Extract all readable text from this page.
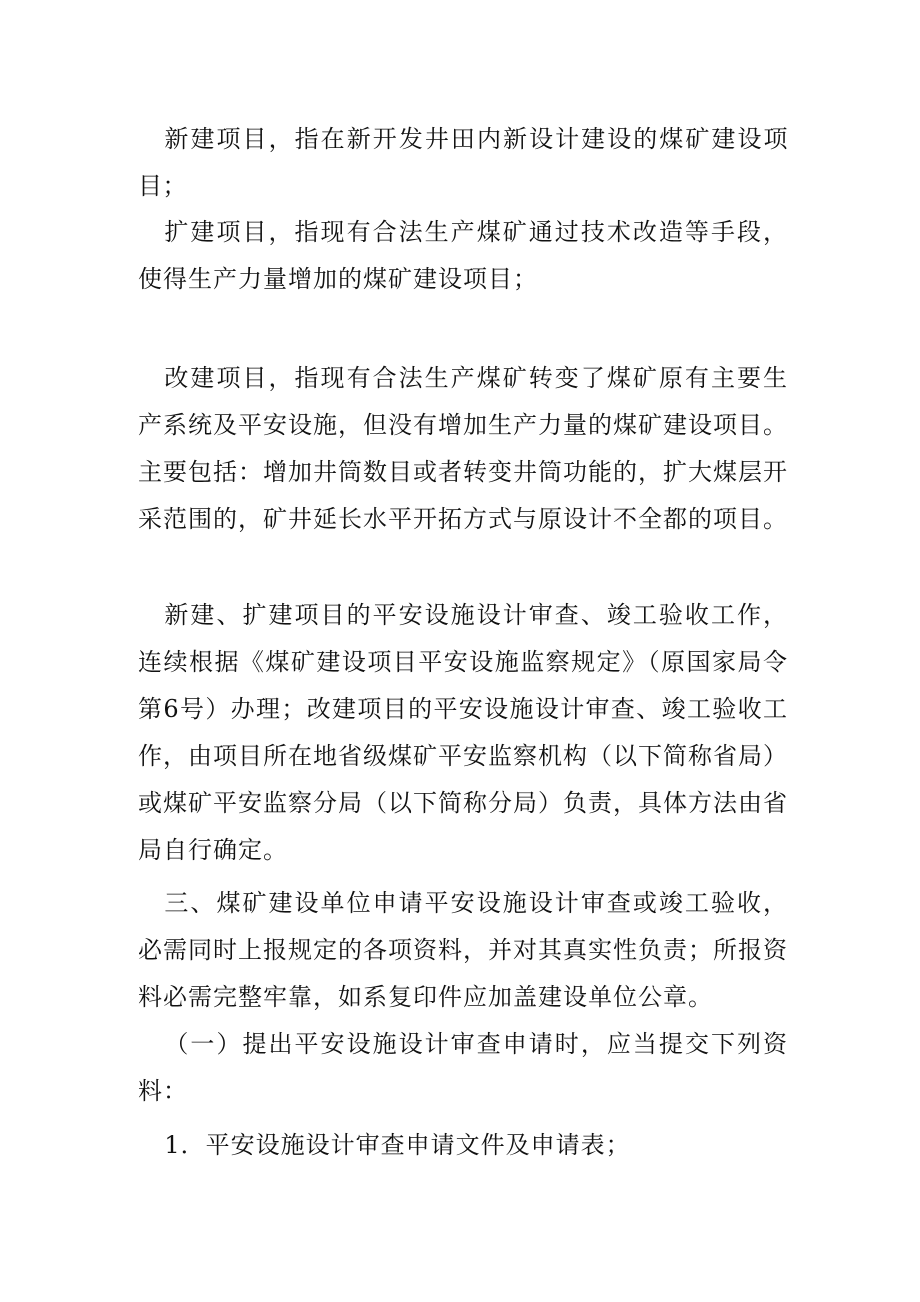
新建项目，指在新开发井田内新设计建设的煤矿建设项目；

扩建项目，指现有合法生产煤矿通过技术改造等手段，使得生产力量增加的煤矿建设项目；

改建项目，指现有合法生产煤矿转变了煤矿原有主要生产系统及平安设施，但没有增加生产力量的煤矿建设项目。主要包括：增加井筒数目或者转变井筒功能的，扩大煤层开采范围的，矿井延长水平开拓方式与原设计不全都的项目。

新建、扩建项目的平安设施设计审查、竣工验收工作，连续根据《煤矿建设项目平安设施监察规定》（原国家局令第6号）办理；改建项目的平安设施设计审查、竣工验收工作，由项目所在地省级煤矿平安监察机构（以下简称省局）或煤矿平安监察分局（以下简称分局）负责，具体方法由省局自行确定。

三、煤矿建设单位申请平安设施设计审查或竣工验收，必需同时上报规定的各项资料，并对其真实性负责；所报资料必需完整牢靠，如系复印件应加盖建设单位公章。

（一）提出平安设施设计审查申请时，应当提交下列资料：

1．平安设施设计审查申请文件及申请表；
